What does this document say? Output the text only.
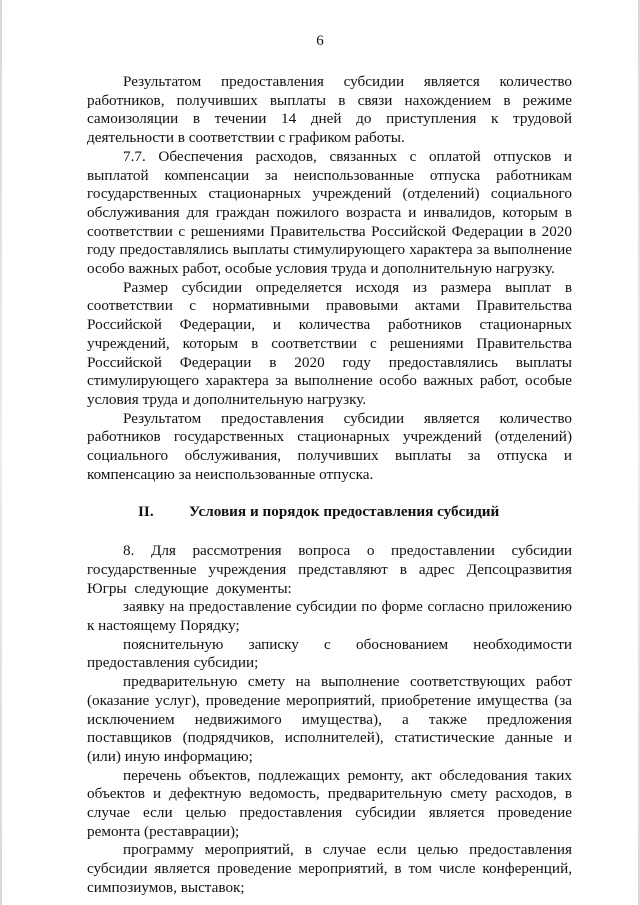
6

Результатом предоставления субсидии является количество работников, получивших выплаты в связи нахождением в режиме самоизоляции в течении 14 дней до приступления к трудовой деятельности в соответствии с графиком работы.

7.7. Обеспечения расходов, связанных с оплатой отпусков и выплатой компенсации за неиспользованные отпуска работникам государственных стационарных учреждений (отделений) социального обслуживания для граждан пожилого возраста и инвалидов, которым в соответствии с решениями Правительства Российской Федерации в 2020 году предоставлялись выплаты стимулирующего характера за выполнение особо важных работ, особые условия труда и дополнительную нагрузку.

Размер субсидии определяется исходя из размера выплат в соответствии с нормативными правовыми актами Правительства Российской Федерации, и количества работников стационарных учреждений, которым в соответствии с решениями Правительства Российской Федерации в 2020 году предоставлялись выплаты стимулирующего характера за выполнение особо важных работ, особые условия труда и дополнительную нагрузку.

Результатом предоставления субсидии является количество работников государственных стационарных учреждений (отделений) социального обслуживания, получивших выплаты за отпуска и компенсацию за неиспользованные отпуска.

II.	Условия и порядок предоставления субсидий

8. Для рассмотрения вопроса о предоставлении субсидии государственные учреждения представляют в адрес Депсоцразвития Югры следующие документы:

заявку на предоставление субсидии по форме согласно приложению к настоящему Порядку;

пояснительную записку с обоснованием необходимости предоставления субсидии;

предварительную смету на выполнение соответствующих работ (оказание услуг), проведение мероприятий, приобретение имущества (за исключением недвижимого имущества), а также предложения поставщиков (подрядчиков, исполнителей), статистические данные и (или) иную информацию;

перечень объектов, подлежащих ремонту, акт обследования таких объектов и дефектную ведомость, предварительную смету расходов, в случае если целью предоставления субсидии является проведение ремонта (реставрации);

программу мероприятий, в случае если целью предоставления субсидии является проведение мероприятий, в том числе конференций, симпозиумов, выставок;
